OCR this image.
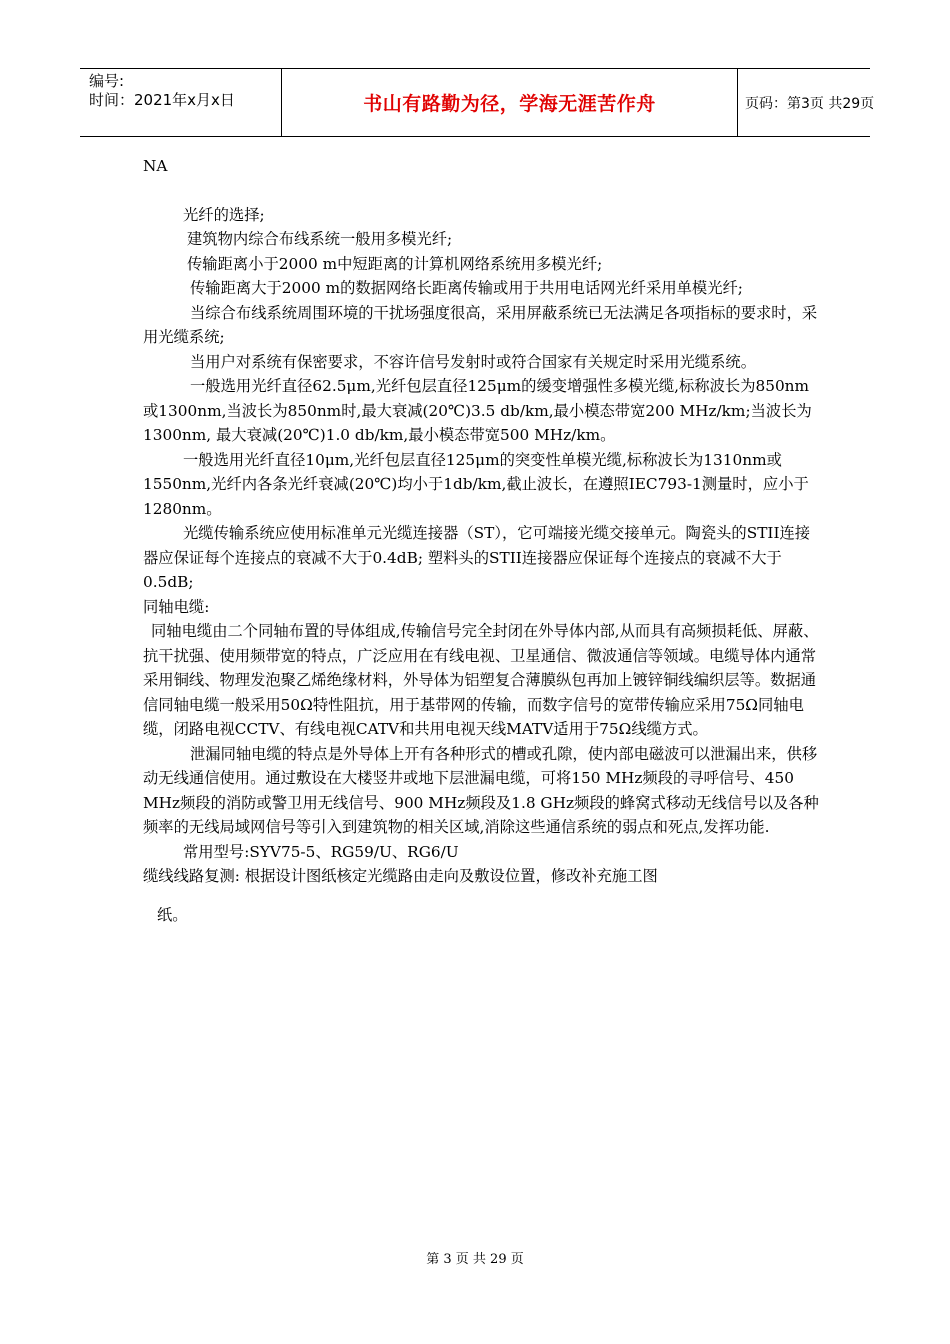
编号:
时间：2021年x月x日	书山有路勤为径，学海无涯苦作舟	页码：第3页 共29页

NA

光纤的选择;

建筑物内综合布线系统一般用多模光纤;

传输距离小于2000 m中短距离的计算机网络系统用多模光纤;

传输距离大于2000 m的数据网络长距离传输或用于共用电话网光纤采用单模光纤;

当综合布线系统周围环境的干扰场强度很高，采用屏蔽系统已无法满足各项指标的要求时，采用光缆系统;

当用户对系统有保密要求，不容许信号发射时或符合国家有关规定时采用光缆系统。

一般选用光纤直径62.5μm,光纤包层直径125μm的缓变增强性多模光缆,标称波长为850nm或1300nm,当波长为850nm时,最大衰减(20℃)3.5 db/km,最小模态带宽200 MHz/km;当波长为1300nm, 最大衰减(20℃)1.0 db/km,最小模态带宽500 MHz/km。

一般选用光纤直径10μm,光纤包层直径125μm的突变性单模光缆,标称波长为1310nm或1550nm,光纤内各条光纤衰减(20℃)均小于1db/km,截止波长，在遵照IEC793-1测量时，应小于1280nm。

光缆传输系统应使用标准单元光缆连接器（ST），它可端接光缆交接单元。陶瓷头的STII连接器应保证每个连接点的衰减不大于0.4dB; 塑料头的STII连接器应保证每个连接点的衰减不大于0.5dB;

同轴电缆:

同轴电缆由二个同轴布置的导体组成,传输信号完全封闭在外导体内部,从而具有高频损耗低、屏蔽、抗干扰强、使用频带宽的特点，广泛应用在有线电视、卫星通信、微波通信等领域。电缆导体内通常采用铜线、物理发泡聚乙烯绝缘材料，外导体为铝塑复合薄膜纵包再加上镀锌铜线编织层等。数据通信同轴电缆一般采用50Ω特性阻抗，用于基带网的传输，而数字信号的宽带传输应采用75Ω同轴电缆，闭路电视CCTV、有线电视CATV和共用电视天线MATV适用于75Ω线缆方式。

泄漏同轴电缆的特点是外导体上开有各种形式的槽或孔隙，使内部电磁波可以泄漏出来，供移动无线通信使用。通过敷设在大楼竖井或地下层泄漏电缆，可将150 MHz频段的寻呼信号、450 MHz频段的消防或警卫用无线信号、900 MHz频段及1.8 GHz频段的蜂窝式移动无线信号以及各种频率的无线局域网信号等引入到建筑物的相关区域,消除这些通信系统的弱点和死点,发挥功能.

常用型号:SYV75-5、RG59/U、RG6/U

缆线线路复测: 根据设计图纸核定光缆路由走向及敷设位置，修改补充施工图

纸。

第 3 页 共 29 页
